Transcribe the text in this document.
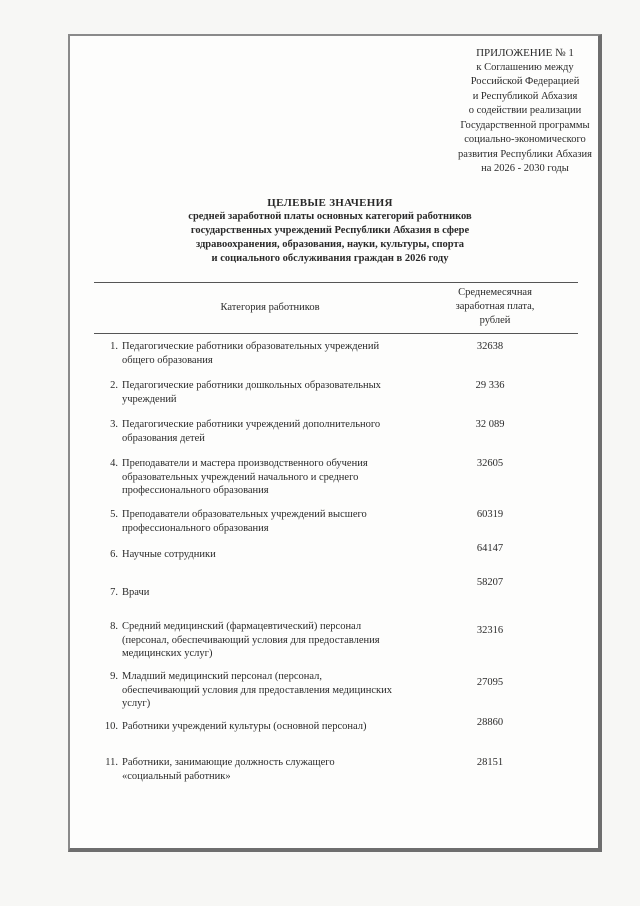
ПРИЛОЖЕНИЕ № 1
к Соглашению между
Российской Федерацией
и Республикой Абхазия
о содействии реализации
Государственной программы
социально-экономического
развития Республики Абхазия
на 2026 - 2030 годы
ЦЕЛЕВЫЕ ЗНАЧЕНИЯ
средней заработной платы основных категорий работников
государственных учреждений Республики Абхазия в сфере
здравоохранения, образования, науки, культуры, спорта
и социального обслуживания граждан в 2026 году
Категория работников
Среднемесячная
заработная плата,
рублей
1. Педагогические работники образовательных учреждений
общего образования
32638
2. Педагогические работники дошкольных образовательных
учреждений
29 336
3. Педагогические работники учреждений дополнительного
образования детей
32 089
4. Преподаватели и мастера производственного обучения
образовательных учреждений начального и среднего
профессионального образования
32605
5. Преподаватели образовательных учреждений высшего
профессионального образования
60319
6. Научные сотрудники
64147
7. Врачи
58207
8. Средний медицинский (фармацевтический) персонал
(персонал, обеспечивающий условия для предоставления
медицинских услуг)
32316
9. Младший медицинский персонал (персонал,
обеспечивающий условия для предоставления медицинских
услуг)
27095
10. Работники учреждений культуры (основной персонал)	28860
11. Работники, занимающие должность служащего
«социальный работник»
28151
